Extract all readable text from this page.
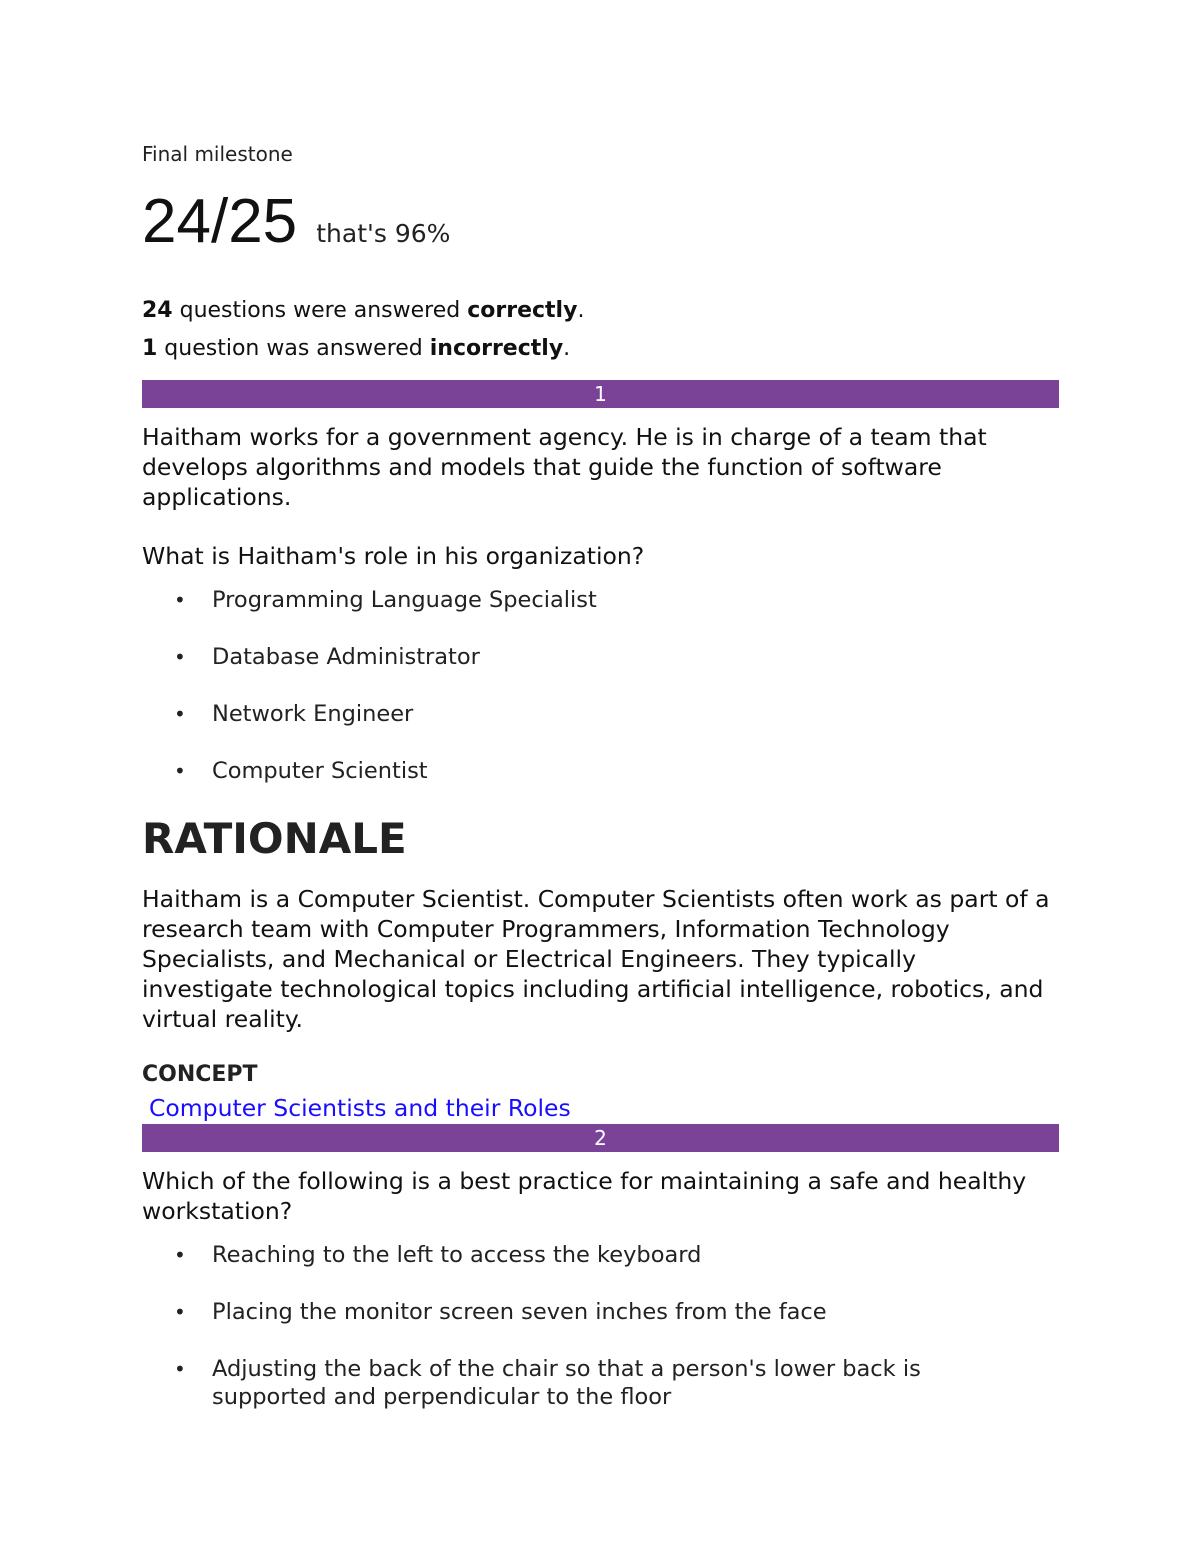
Final milestone
24/25 that's 96%
24 questions were answered correctly.
1 question was answered incorrectly.
1
Haitham works for a government agency. He is in charge of a team that develops algorithms and models that guide the function of software applications.
What is Haitham's role in his organization?
• Programming Language Specialist
• Database Administrator
• Network Engineer
• Computer Scientist
RATIONALE
Haitham is a Computer Scientist. Computer Scientists often work as part of a research team with Computer Programmers, Information Technology Specialists, and Mechanical or Electrical Engineers. They typically investigate technological topics including artificial intelligence, robotics, and virtual reality.
CONCEPT
Computer Scientists and their Roles
2
Which of the following is a best practice for maintaining a safe and healthy workstation?
• Reaching to the left to access the keyboard
• Placing the monitor screen seven inches from the face
• Adjusting the back of the chair so that a person's lower back is supported and perpendicular to the floor
